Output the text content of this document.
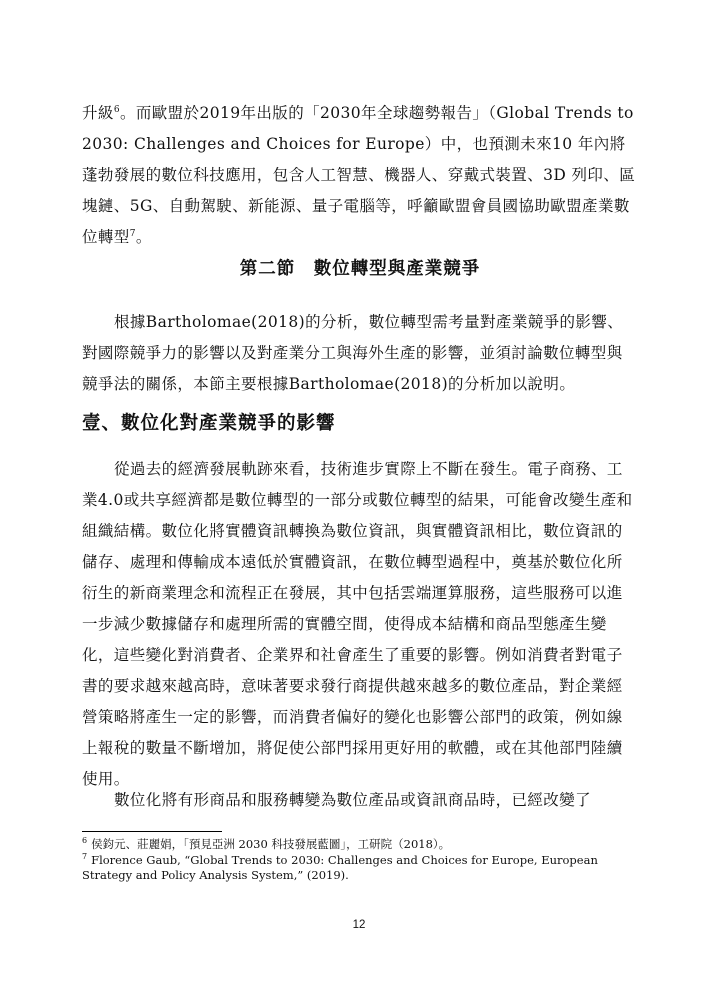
升級$^6$。而歐盟於2019年出版的「2030年全球趨勢報告」（Global Trends to 2030: Challenges and Choices for Europe）中，也預測未來10 年內將蓬勃發展的數位科技應用，包含人工智慧、機器人、穿戴式裝置、3D 列印、區塊鏈、5G、自動駕駛、新能源、量子電腦等，呼籲歐盟會員國協助歐盟產業數位轉型$^7$。
第二節　數位轉型與產業競爭
根據Bartholomae(2018)的分析，數位轉型需考量對產業競爭的影響、對國際競爭力的影響以及對產業分工與海外生產的影響，並須討論數位轉型與競爭法的關係，本節主要根據Bartholomae(2018)的分析加以說明。
壹、數位化對產業競爭的影響
從過去的經濟發展軌跡來看，技術進步實際上不斷在發生。電子商務、工業4.0或共享經濟都是數位轉型的一部分或數位轉型的結果，可能會改變生產和組織結構。數位化將實體資訊轉換為數位資訊，與實體資訊相比，數位資訊的儲存、處理和傳輸成本遠低於實體資訊，在數位轉型過程中，奠基於數位化所衍生的新商業理念和流程正在發展，其中包括雲端運算服務，這些服務可以進一步減少數據儲存和處理所需的實體空間，使得成本結構和商品型態產生變化，這些變化對消費者、企業界和社會產生了重要的影響。例如消費者對電子書的要求越來越高時，意味著要求發行商提供越來越多的數位產品，對企業經營策略將產生一定的影響，而消費者偏好的變化也影響公部門的政策，例如線上報稅的數量不斷增加，將促使公部門採用更好用的軟體，或在其他部門陸續使用。
數位化將有形商品和服務轉變為數位產品或資訊商品時，已經改變了
$^6$ 侯鈞元、莊麗娟，「預見亞洲 2030 科技發展藍圖」，工研院（2018）。
$^7$ Florence Gaub, “Global Trends to 2030: Challenges and Choices for Europe, European Strategy and Policy Analysis System,” (2019).
12
